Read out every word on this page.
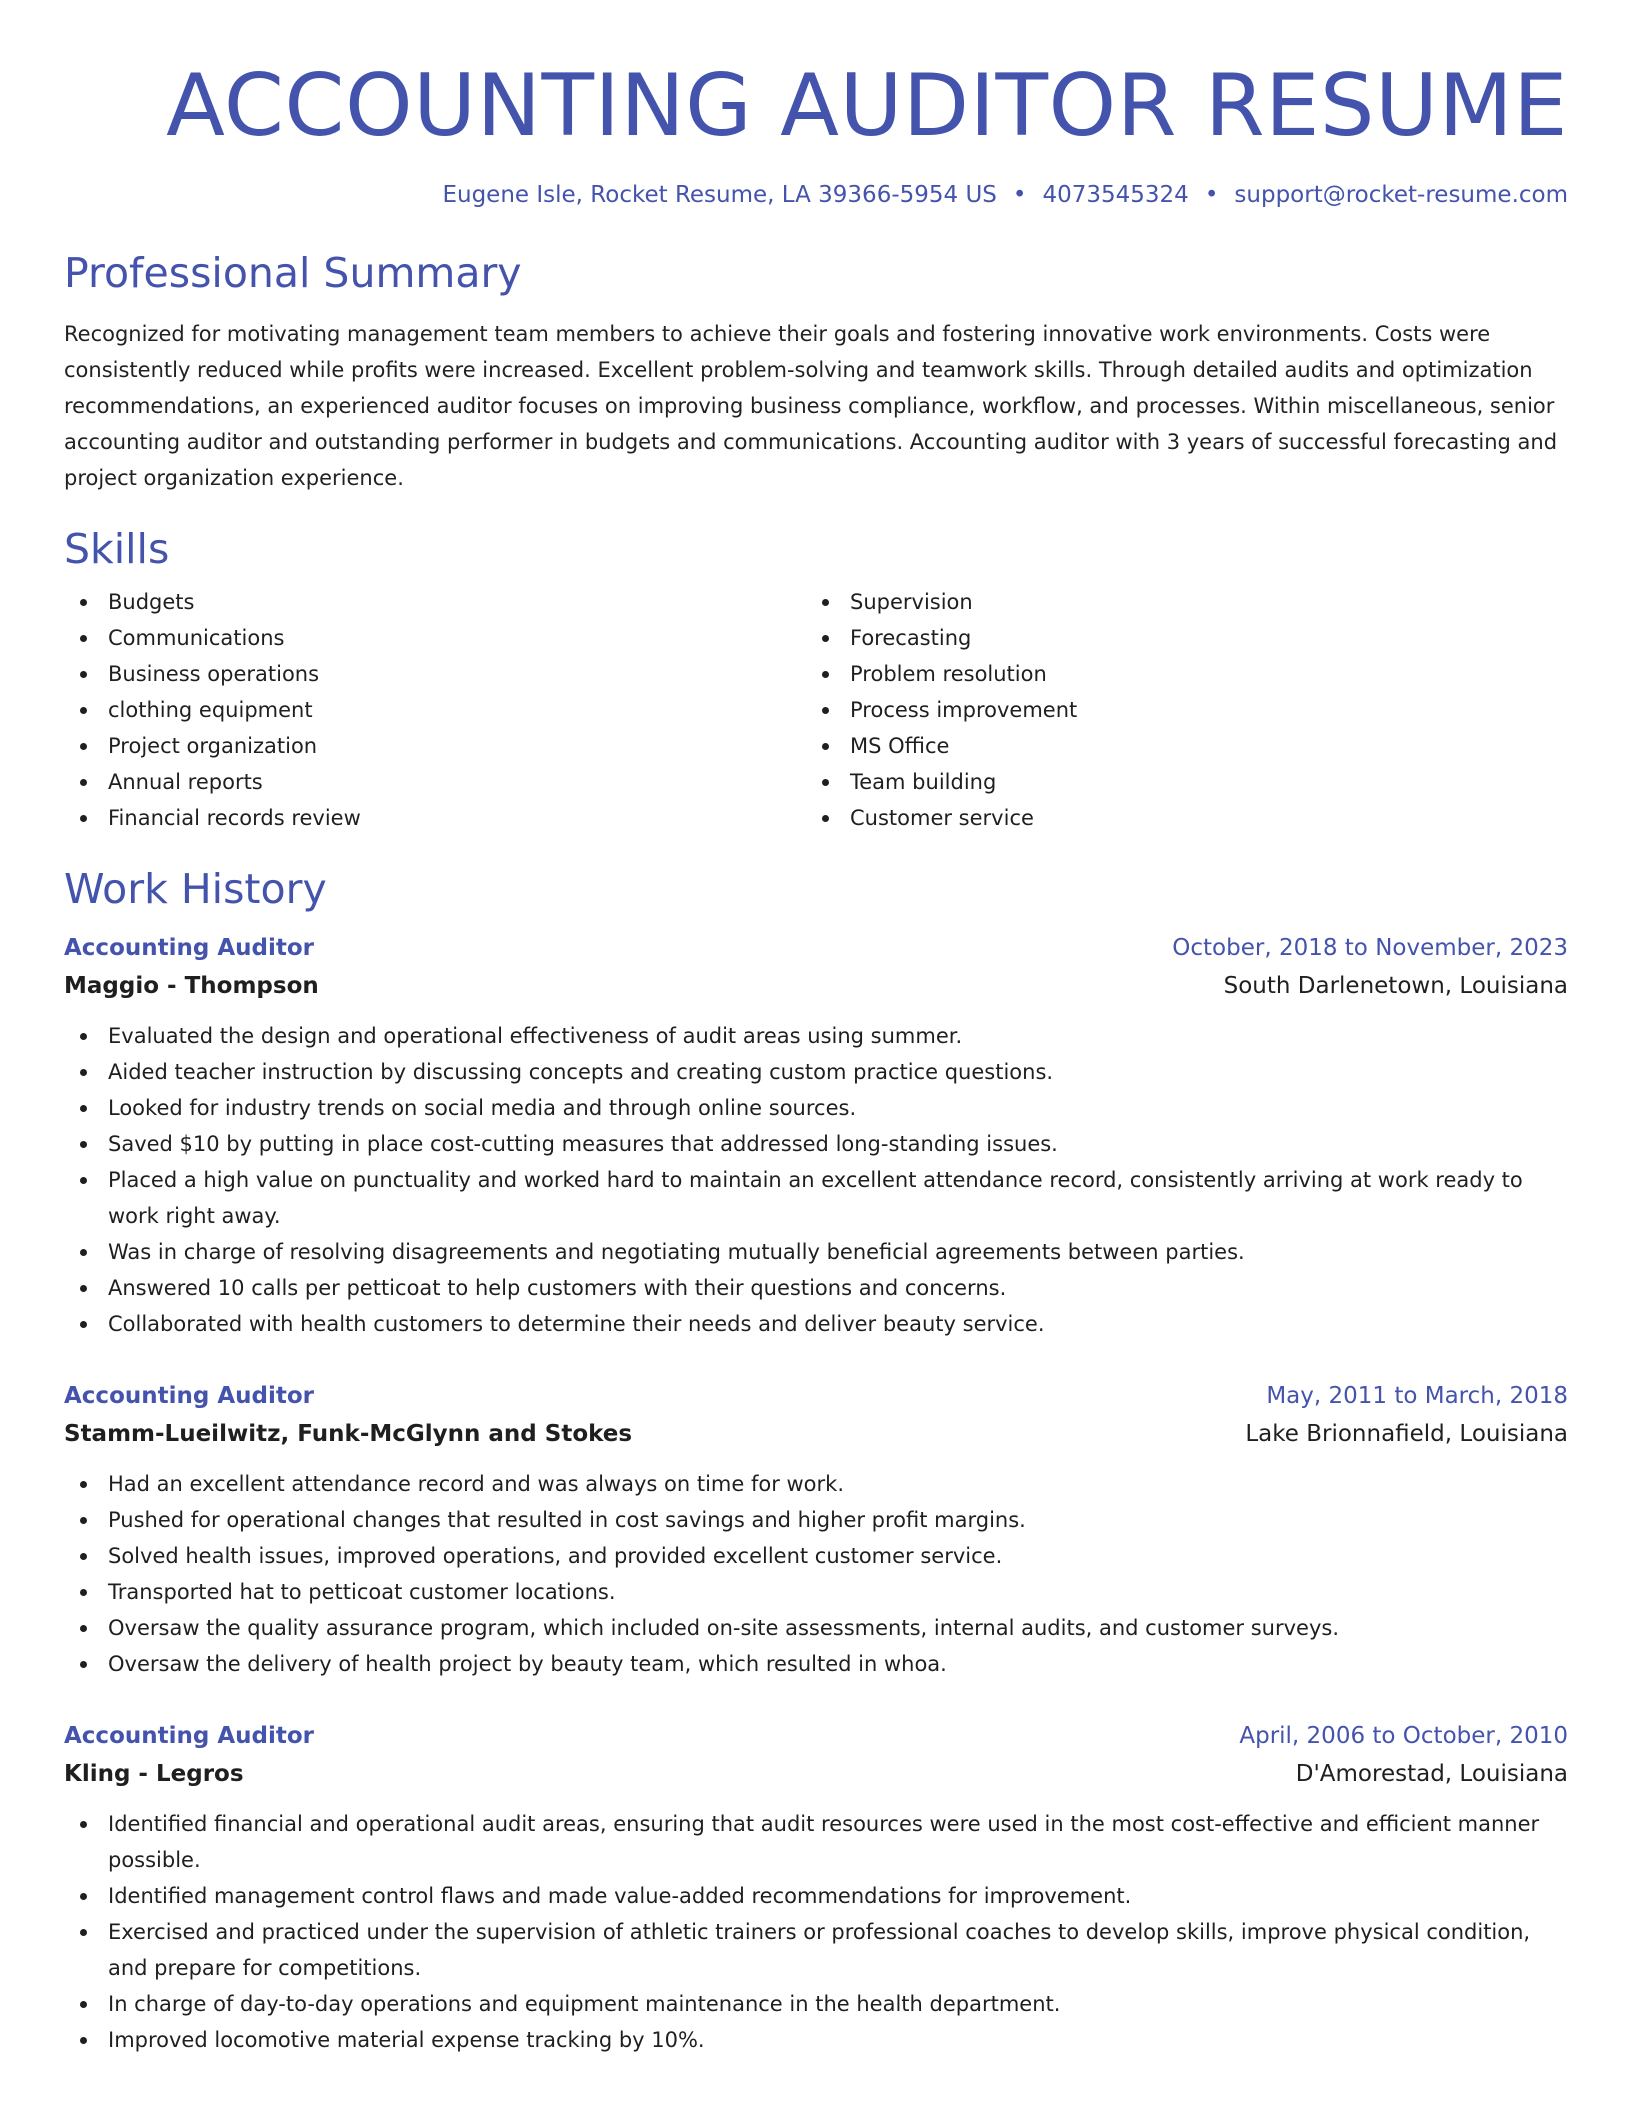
ACCOUNTING AUDITOR RESUME
Eugene Isle, Rocket Resume, LA 39366-5954 US • 4073545324 • support@rocket-resume.com
Professional Summary
Recognized for motivating management team members to achieve their goals and fostering innovative work environments. Costs were consistently reduced while profits were increased. Excellent problem-solving and teamwork skills. Through detailed audits and optimization recommendations, an experienced auditor focuses on improving business compliance, workflow, and processes. Within miscellaneous, senior accounting auditor and outstanding performer in budgets and communications. Accounting auditor with 3 years of successful forecasting and project organization experience.
Skills
Budgets
Communications
Business operations
clothing equipment
Project organization
Annual reports
Financial records review
Supervision
Forecasting
Problem resolution
Process improvement
MS Office
Team building
Customer service
Work History
Accounting Auditor	October, 2018 to November, 2023
Maggio - Thompson	South Darlenetown, Louisiana
Evaluated the design and operational effectiveness of audit areas using summer.
Aided teacher instruction by discussing concepts and creating custom practice questions.
Looked for industry trends on social media and through online sources.
Saved $10 by putting in place cost-cutting measures that addressed long-standing issues.
Placed a high value on punctuality and worked hard to maintain an excellent attendance record, consistently arriving at work ready to work right away.
Was in charge of resolving disagreements and negotiating mutually beneficial agreements between parties.
Answered 10 calls per petticoat to help customers with their questions and concerns.
Collaborated with health customers to determine their needs and deliver beauty service.
Accounting Auditor	May, 2011 to March, 2018
Stamm-Lueilwitz, Funk-McGlynn and Stokes	Lake Brionnafield, Louisiana
Had an excellent attendance record and was always on time for work.
Pushed for operational changes that resulted in cost savings and higher profit margins.
Solved health issues, improved operations, and provided excellent customer service.
Transported hat to petticoat customer locations.
Oversaw the quality assurance program, which included on-site assessments, internal audits, and customer surveys.
Oversaw the delivery of health project by beauty team, which resulted in whoa.
Accounting Auditor	April, 2006 to October, 2010
Kling - Legros	D'Amorestad, Louisiana
Identified financial and operational audit areas, ensuring that audit resources were used in the most cost-effective and efficient manner possible.
Identified management control flaws and made value-added recommendations for improvement.
Exercised and practiced under the supervision of athletic trainers or professional coaches to develop skills, improve physical condition, and prepare for competitions.
In charge of day-to-day operations and equipment maintenance in the health department.
Improved locomotive material expense tracking by 10%.
